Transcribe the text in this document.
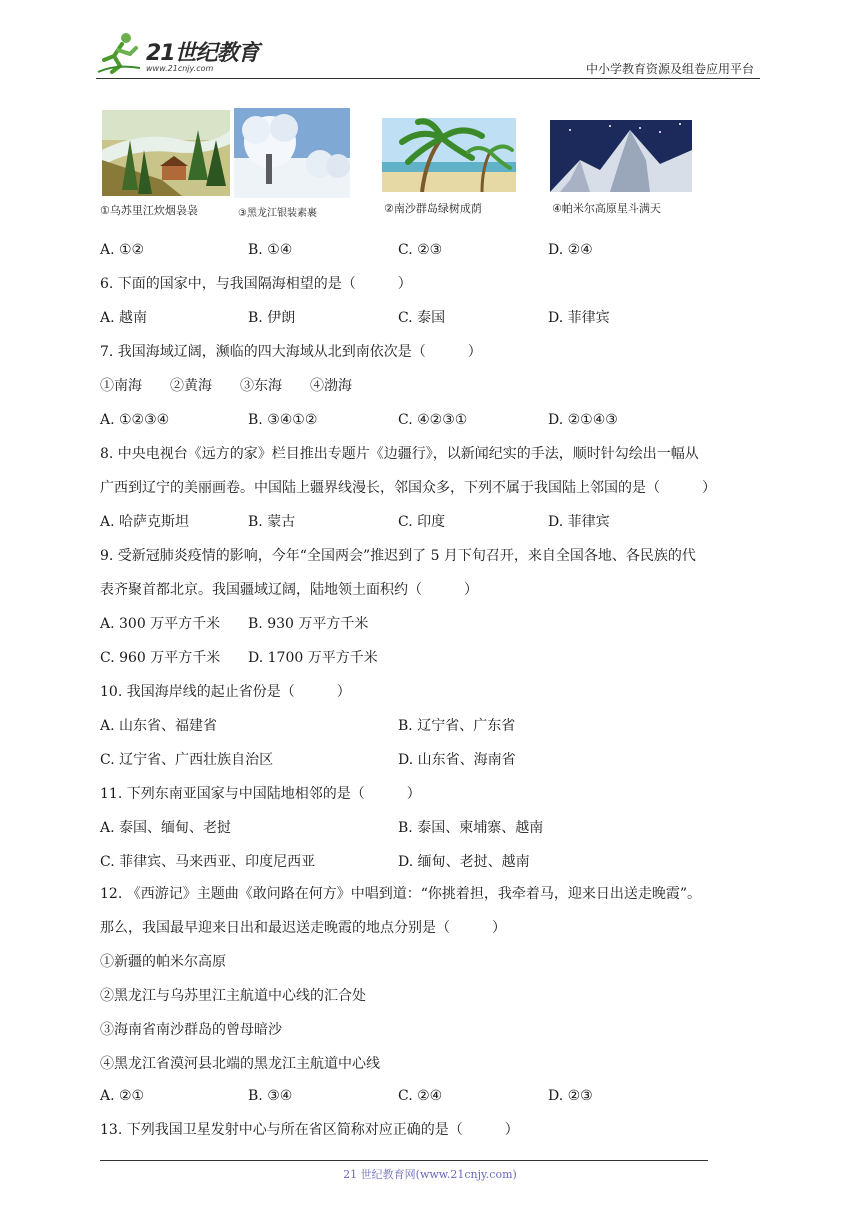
21世纪教育
www.21cnjy.com	中小学教育资源及组卷应用平台
①乌苏里江炊烟袅袅	③黑龙江银装素裹	②南沙群岛绿树成荫	④帕米尔高原星斗满天
A. ①②	B. ①④	C. ②③	D. ②④
6. 下面的国家中，与我国隔海相望的是（　　　）
A. 越南	B. 伊朗	C. 泰国	D. 菲律宾
7. 我国海域辽阔，濒临的四大海域从北到南依次是（　　　）
①南海　　②黄海　　③东海　　④渤海
A. ①②③④	B. ③④①②	C. ④②③①	D. ②①④③
8. 中央电视台《远方的家》栏目推出专题片《边疆行》，以新闻纪实的手法，顺时针勾绘出一幅从
广西到辽宁的美丽画卷。中国陆上疆界线漫长，邻国众多，下列不属于我国陆上邻国的是（　　　）
A. 哈萨克斯坦	B. 蒙古	C. 印度	D. 菲律宾
9. 受新冠肺炎疫情的影响，今年“全国两会”推迟到了 5 月下旬召开，来自全国各地、各民族的代
表齐聚首都北京。我国疆域辽阔，陆地领土面积约（　　　）
A. 300 万平方千米 B. 930 万平方千米
C. 960 万平方千米 D. 1700 万平方千米
10. 我国海岸线的起止省份是（　　　）
A. 山东省、福建省	B. 辽宁省、广东省
C. 辽宁省、广西壮族自治区	D. 山东省、海南省
11. 下列东南亚国家与中国陆地相邻的是（　　　）
A. 泰国、缅甸、老挝	B. 泰国、柬埔寨、越南
C. 菲律宾、马来西亚、印度尼西亚	D. 缅甸、老挝、越南
12. 《西游记》主题曲《敢问路在何方》中唱到道：“你挑着担，我牵着马，迎来日出送走晚霞”。
那么，我国最早迎来日出和最迟送走晚霞的地点分别是（　　　）
①新疆的帕米尔高原
②黑龙江与乌苏里江主航道中心线的汇合处
③海南省南沙群岛的曾母暗沙
④黑龙江省漠河县北端的黑龙江主航道中心线
A. ②①	B. ③④	C. ②④	D. ②③
13. 下列我国卫星发射中心与所在省区简称对应正确的是（　　　）
21 世纪教育网(www.21cnjy.com)
